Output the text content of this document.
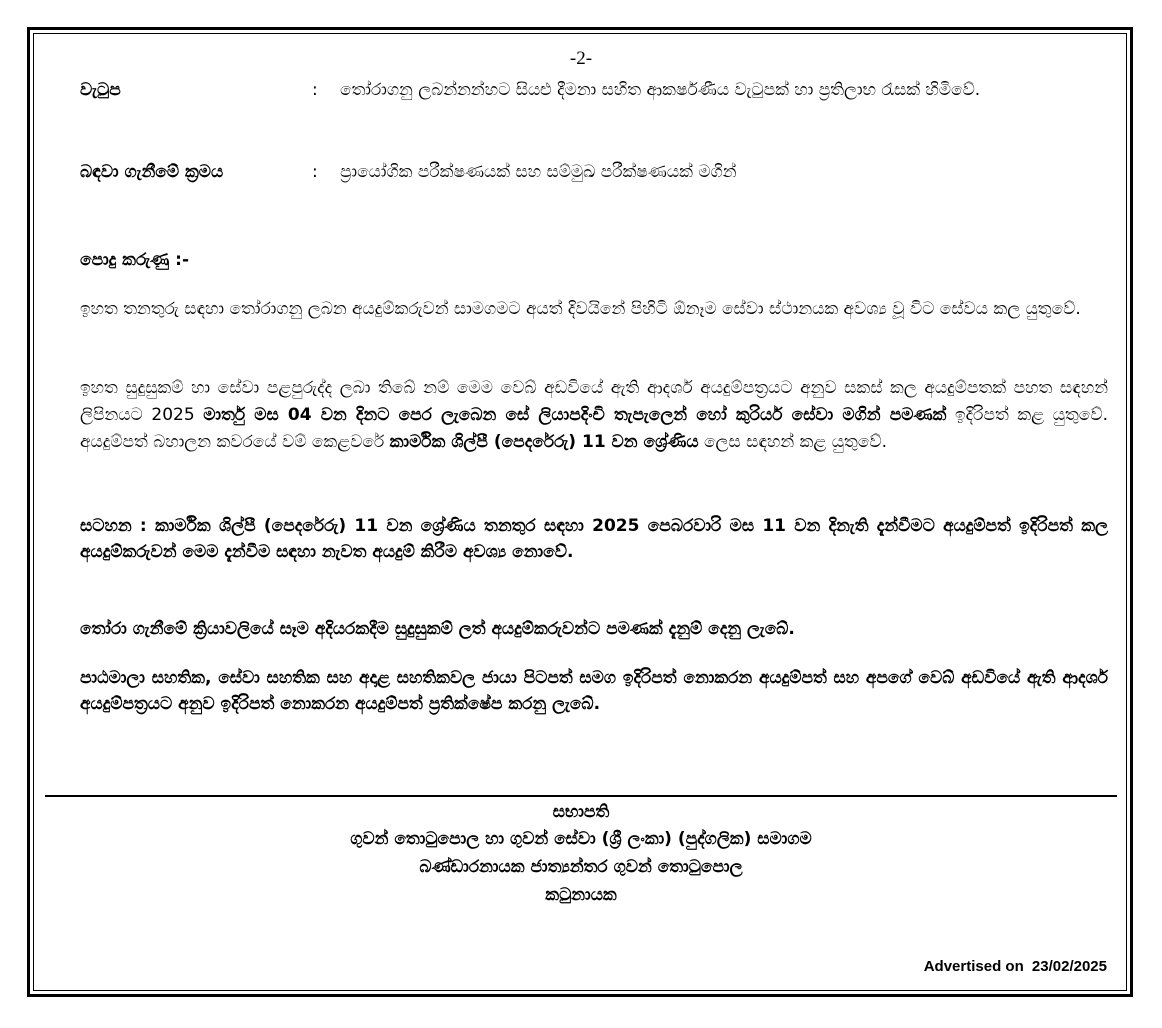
-2-
වැටුප	: තෝරාගනු ලබන්නන්හට සියළු දීමනා සහිත ආකර්ෂණීය වැටුපක් හා ප්‍රතිලාභ රැසක් හිමිවේ.
බඳවා ගැනීමේ ක්‍රමය	: ප්‍රායෝගික පරීක්ෂණයක් සහ සම්මුඛ පරීක්ෂණයක් මගින්
පොදු කරුණු :-
ඉහත තනතුරු සඳහා තෝරාගනු ලබන අයදුම්කරුවන් සාමගමට අයත් දිවයිනේ පිහිටි ඕනෑම සේවා ස්ථානයක අවශ්‍ය වූ විට සේවය කල යුතුවේ.
ඉහත සුදුසුකම් හා සේවා පළපුරුද්ද ලබා තිබේ නම් මෙම වෙබ් අඩවියේ ඇති ආදර්ශ අයදුම්පත්‍රයට අනුව සකස් කල අයදුම්පතක් පහත සඳහන් ලිපිනයට 2025 මාර්තු මස 04 වන දිනට පෙර ලැබෙන සේ ලියාපදිංචි තැපැලෙන් හෝ කුරියර් සේවා මගින් පමණක් ඉදිරිපත් කළ යුතුවේ. අයදුම්පත් බහාලන කවරයේ වම් කෙළවරේ කාර්මික ශිල්පී (පෙදරේරු) 11 වන ශ්‍රේණිය ලෙස සඳහන් කළ යුතුවේ.
සටහන : කාර්මික ශිල්පී (පෙදරේරු) 11 වන ශ්‍රේණිය තනතුර සඳහා 2025 පෙබරවාරි මස 11 වන දිනැති දැන්වීමට අයදුම්පත් ඉදිරිපත් කල අයදුම්කරුවන් මෙම දැන්වීම සඳහා නැවත අයදුම් කිරීම අවශ්‍ය නොවේ.
තෝරා ගැනීමේ ක්‍රියාවලියේ සෑම අදියරකදීම සුදුසුකම් ලත් අයදුම්කරුවන්ට පමණක් දැනුම් දෙනු ලැබේ.
පාඨමාලා සහතික, සේවා සහතික සහ අදාළ සහතිකවල ජායා පිටපත් සමග ඉදිරිපත් නොකරන අයදුම්පත් සහ අපගේ වෙබ් අඩවියේ ඇති ආදර්ශ අයදුම්පත්‍රයට අනුව ඉදිරිපත් නොකරන අයදුම්පත් ප්‍රතික්ෂේප කරනු ලැබේ.
සභාපති
ගුවන් තොටුපොල හා ගුවන් සේවා (ශ්‍රී ලංකා) (පුද්ගලික) සමාගම
බණ්ඩාරනායක ජාත්‍යන්තර ගුවන් තොටුපොල
කටුනායක
Advertised on 23/02/2025
